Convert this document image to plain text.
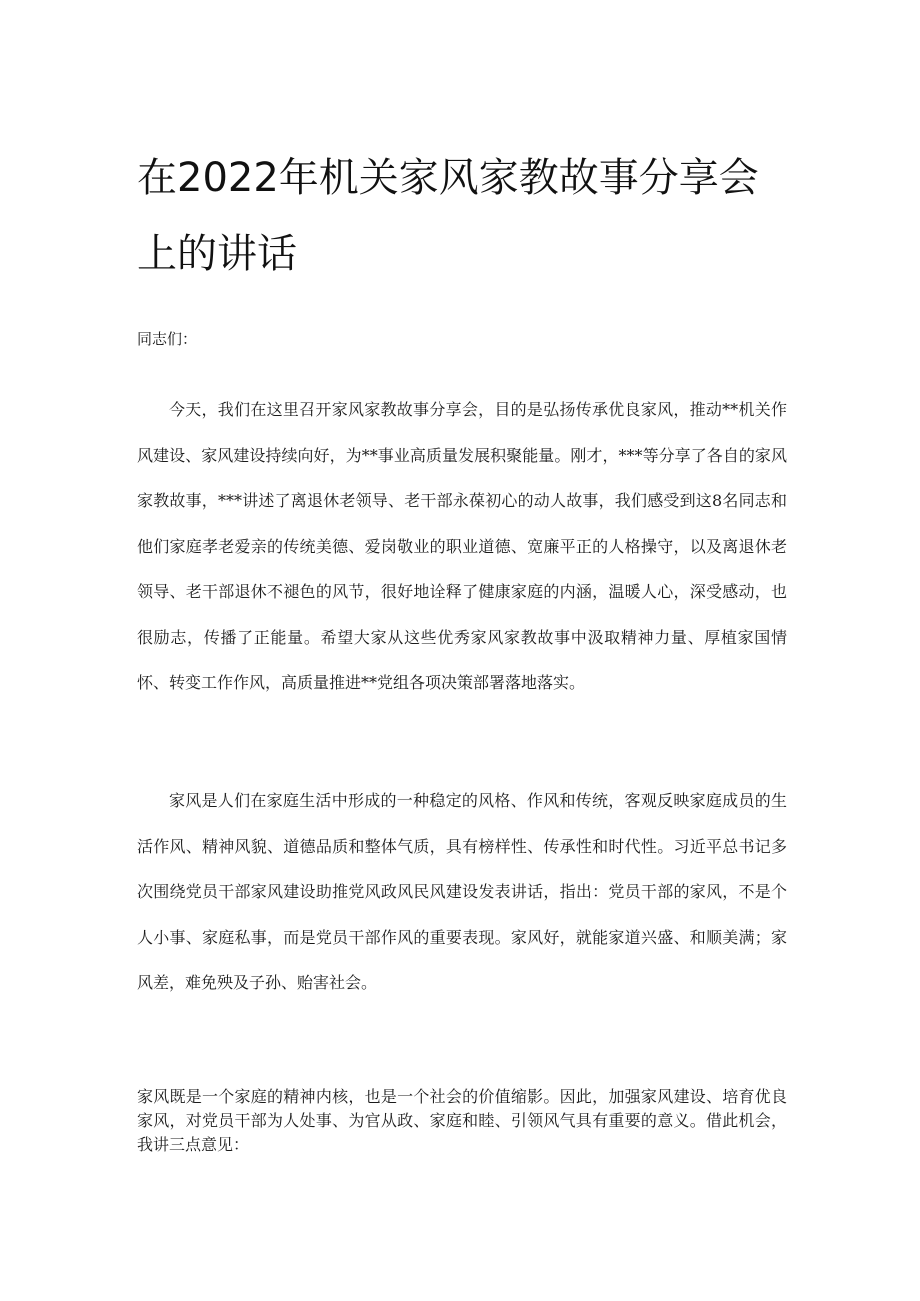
在2022年机关家风家教故事分享会上的讲话

同志们：

今天，我们在这里召开家风家教故事分享会，目的是弘扬传承优良家风，推动**机关作风建设、家风建设持续向好，为**事业高质量发展积聚能量。刚才，***等分享了各自的家风家教故事，***讲述了离退休老领导、老干部永葆初心的动人故事，我们感受到这8名同志和他们家庭孝老爱亲的传统美德、爱岗敬业的职业道德、宽廉平正的人格操守，以及离退休老领导、老干部退休不褪色的风节，很好地诠释了健康家庭的内涵，温暖人心，深受感动，也很励志，传播了正能量。希望大家从这些优秀家风家教故事中汲取精神力量、厚植家国情怀、转变工作作风，高质量推进**党组各项决策部署落地落实。

家风是人们在家庭生活中形成的一种稳定的风格、作风和传统，客观反映家庭成员的生活作风、精神风貌、道德品质和整体气质，具有榜样性、传承性和时代性。习近平总书记多次围绕党员干部家风建设助推党风政风民风建设发表讲话，指出：党员干部的家风，不是个人小事、家庭私事，而是党员干部作风的重要表现。家风好，就能家道兴盛、和顺美满；家风差，难免殃及子孙、贻害社会。

家风既是一个家庭的精神内核，也是一个社会的价值缩影。因此，加强家风建设、培育优良家风，对党员干部为人处事、为官从政、家庭和睦、引领风气具有重要的意义。借此机会，我讲三点意见：
